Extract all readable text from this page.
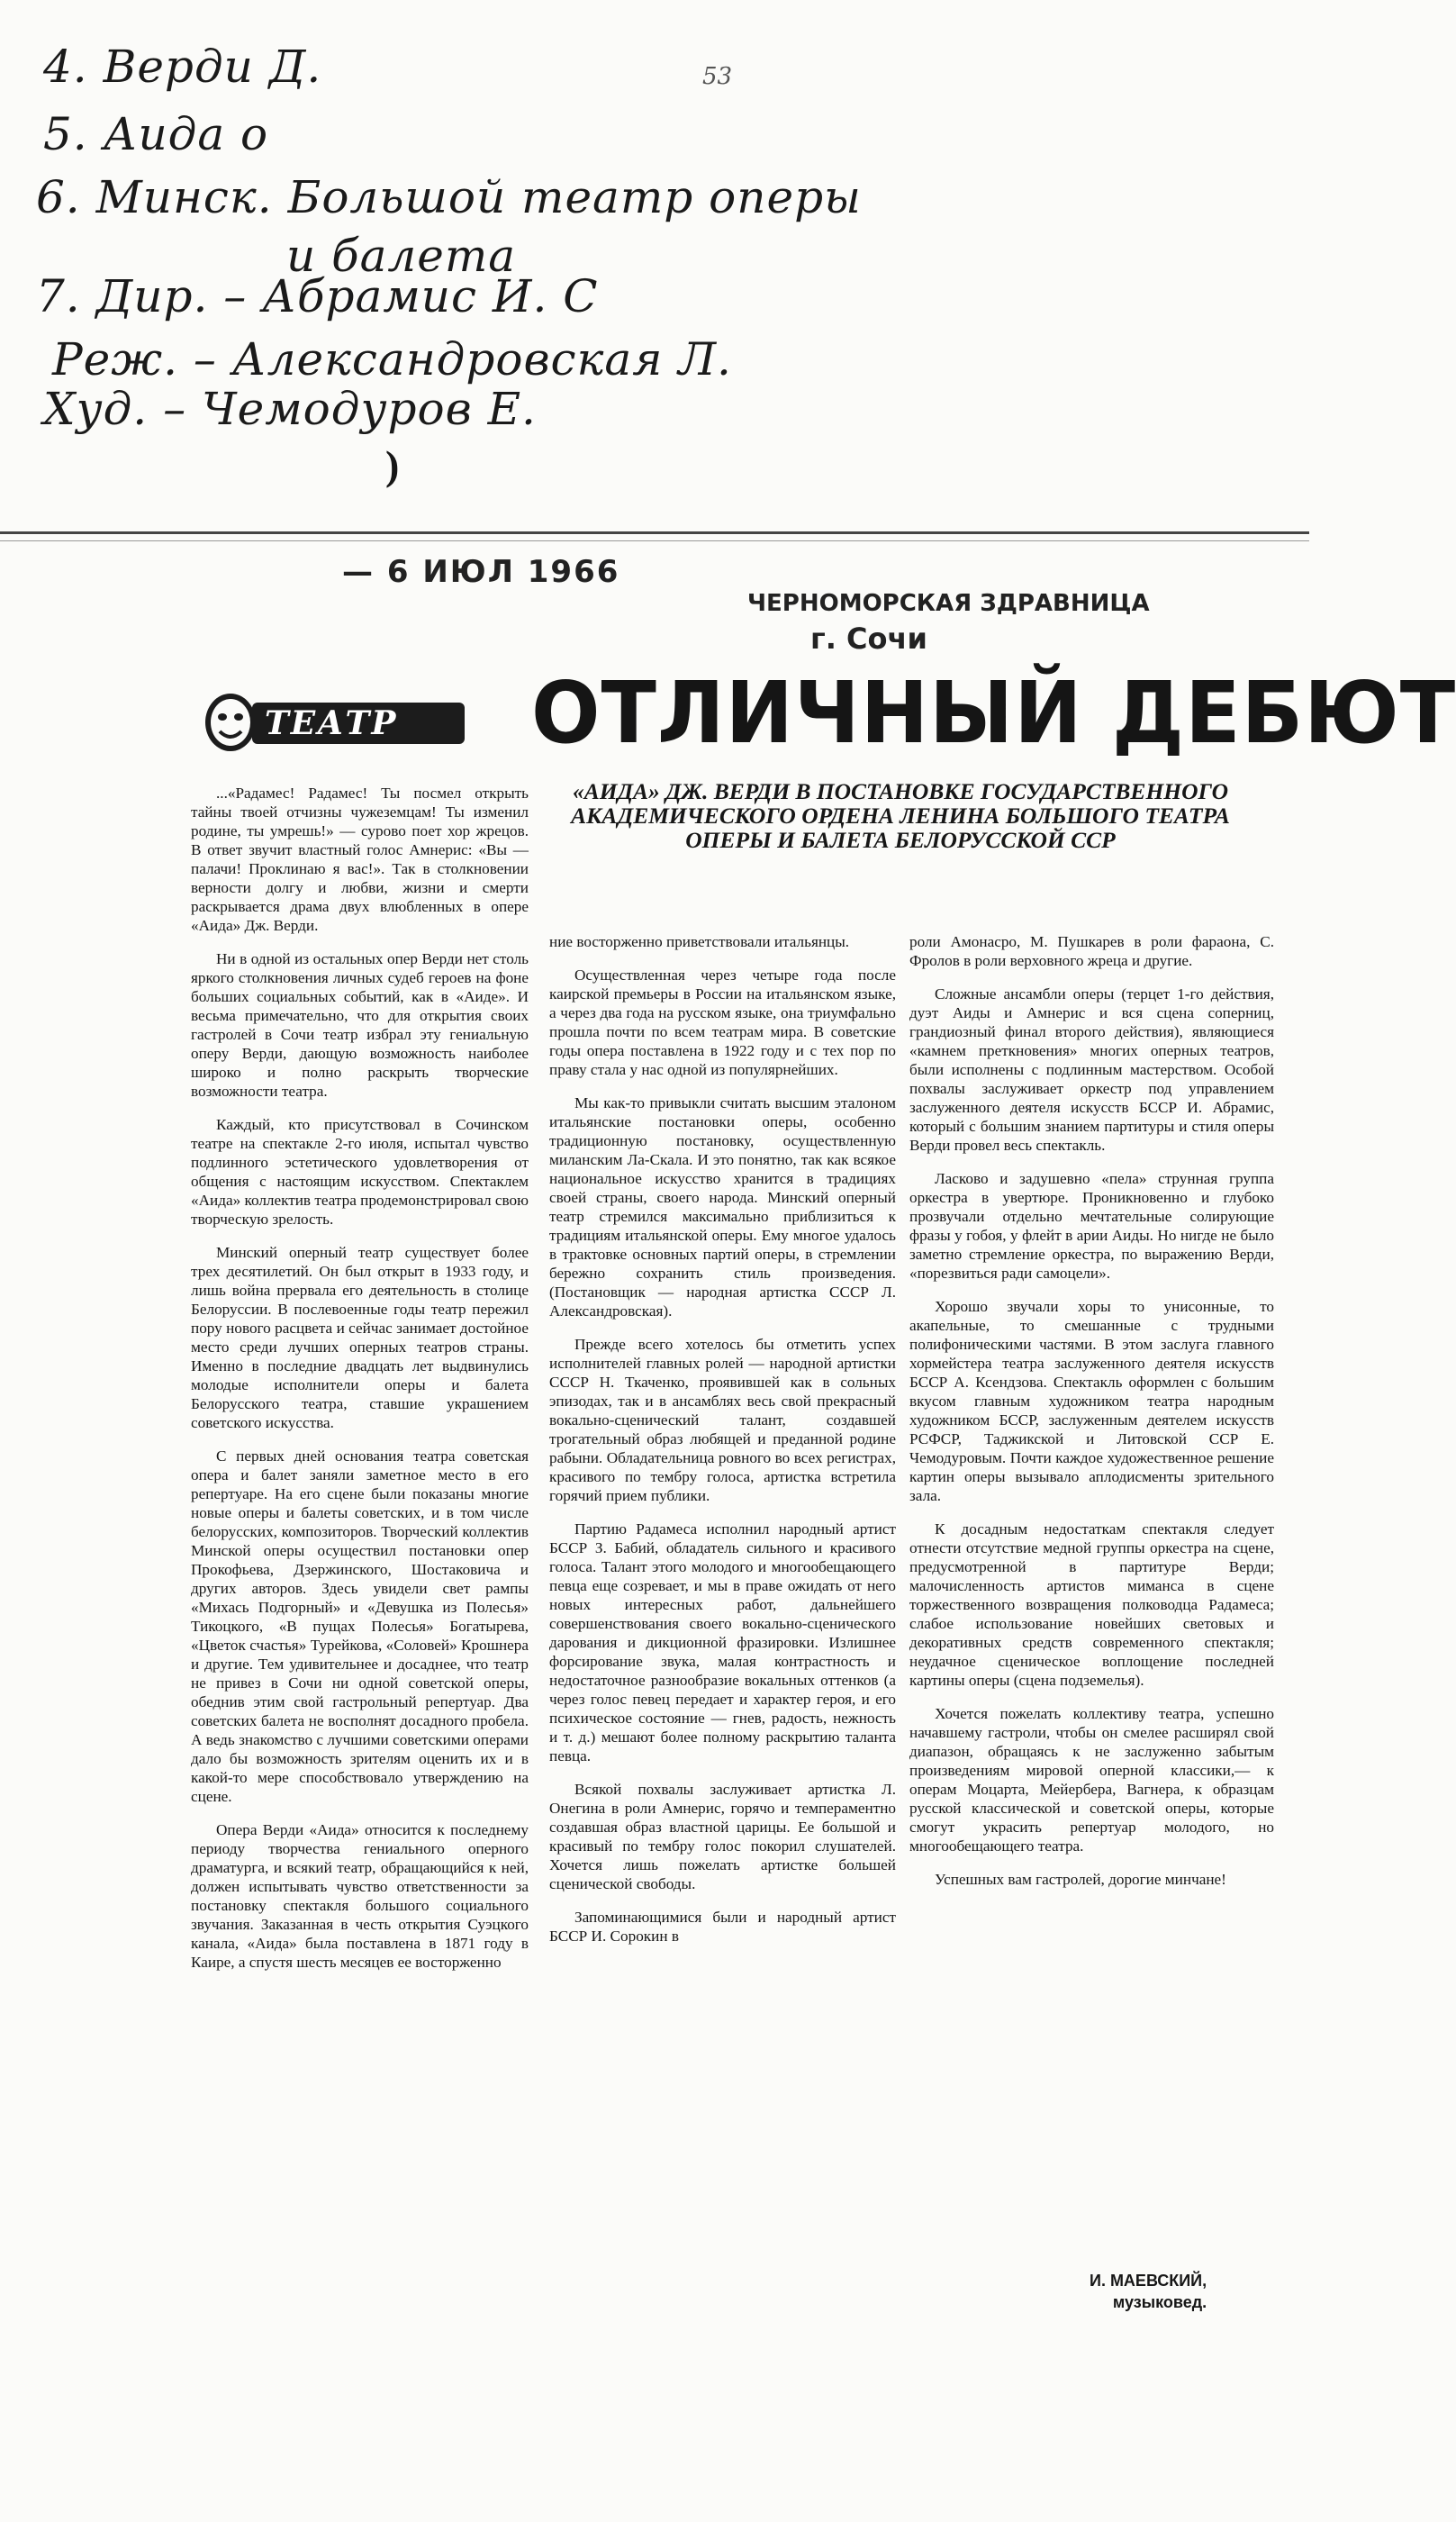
4. Верди Д.	53
5. Аида о
6. Минск. Большой театр оперы
и балета
7. Дир. – Абрамис И. С
Реж. – Александровская Л.
Худ. – Чемодуров Е.
)
— 6 ИЮЛ 1966
ЧЕРНОМОРСКАЯ ЗДРАВНИЦА
г. Сочи
ТЕАТР ОТЛИЧНЫЙ ДЕБЮТ
«АИДА» ДЖ. ВЕРДИ В ПОСТАНОВКЕ ГОСУДАРСТВЕННОГО АКАДЕМИЧЕСКОГО ОРДЕНА ЛЕНИНА БОЛЬШОГО ТЕАТРА ОПЕРЫ И БАЛЕТА БЕЛОРУССКОЙ ССР

...«Радамес! Радамес! Ты посмел открыть тайны твоей отчизны чужеземцам! Ты изменил родине, ты умрешь!» — сурово поет хор жрецов. В ответ звучит властный голос Амнерис: «Вы — палачи! Проклинаю я вас!». Так в столкновении верности долгу и любви, жизни и смерти раскрывается драма двух влюбленных в опере «Аида» Дж. Верди.

Ни в одной из остальных опер Верди нет столь яркого столкновения личных судеб героев на фоне больших социальных событий, как в «Аиде». И весьма примечательно, что для открытия своих гастролей в Сочи театр избрал эту гениальную оперу Верди, дающую возможность наиболее широко и полно раскрыть творческие возможности театра.

Каждый, кто присутствовал в Сочинском театре на спектакле 2-го июля, испытал чувство подлинного эстетического удовлетворения от общения с настоящим искусством. Спектаклем «Аида» коллектив театра продемонстрировал свою творческую зрелость.

Минский оперный театр существует более трех десятилетий. Он был открыт в 1933 году, и лишь война прервала его деятельность в столице Белоруссии. В послевоенные годы театр пережил пору нового расцвета и сейчас занимает достойное место среди лучших оперных театров страны. Именно в последние двадцать лет выдвинулись молодые исполнители оперы и балета Белорусского театра, ставшие украшением советского искусства.

С первых дней основания театра советская опера и балет заняли заметное место в его репертуаре. На его сцене были показаны многие новые оперы и балеты советских, и в том числе белорусских, композиторов. Творческий коллектив Минской оперы осуществил постановки опер Прокофьева, Дзержинского, Шостаковича и других авторов. Здесь увидели свет рампы «Михась Подгорный» и «Девушка из Полесья» Тикоцкого, «В пущах Полесья» Богатырева, «Цветок счастья» Турейкова, «Соловей» Крошнера и другие. Тем удивительнее и досаднее, что театр не привез в Сочи ни одной советской оперы, обеднив этим свой гастрольный репертуар. Два советских балета не восполнят досадного пробела. А ведь знакомство с лучшими советскими операми дало бы возможность зрителям оценить их и в какой-то мере способствовало утверждению на сцене.

Опера Верди «Аида» относится к последнему периоду творчества гениального оперного драматурга, и всякий театр, обращающийся к ней, должен испытывать чувство ответственности за постановку спектакля большого социального звучания. Заказанная в честь открытия Суэцкого канала, «Аида» была поставлена в 1871 году в Каире, а спустя шесть месяцев ее восторженно

ние восторженно приветствовали итальянцы.

Осуществленная через четыре года после каирской премьеры в России на итальянском языке, а через два года на русском языке, она триумфально прошла почти по всем театрам мира. В советские годы опера поставлена в 1922 году и с тех пор по праву стала у нас одной из популярнейших.

Мы как-то привыкли считать высшим эталоном итальянские постановки оперы, особенно традиционную постановку, осуществленную миланским Ла-Скала. И это понятно, так как всякое национальное искусство хранится в традициях своей страны, своего народа. Минский оперный театр стремился максимально приблизиться к традициям итальянской оперы. Ему многое удалось в трактовке основных партий оперы, в стремлении бережно сохранить стиль произведения. (Постановщик — народная артистка СССР Л. Александровская).

Прежде всего хотелось бы отметить успех исполнителей главных ролей — народной артистки СССР Н. Ткаченко, проявившей как в сольных эпизодах, так и в ансамблях весь свой прекрасный вокально-сценический талант, создавшей трогательный образ любящей и преданной родине рабыни. Обладательница ровного во всех регистрах, красивого по тембру голоса, артистка встретила горячий прием публики.

Партию Радамеса исполнил народный артист БССР З. Бабий, обладатель сильного и красивого голоса. Талант этого молодого и многообещающего певца еще созревает, и мы в праве ожидать от него новых интересных работ, дальнейшего совершенствования своего вокально-сценического дарования и дикционной фразировки. Излишнее форсирование звука, малая контрастность и недостаточное разнообразие вокальных оттенков (а через голос певец передает и характер героя, и его психическое состояние — гнев, радость, нежность и т. д.) мешают более полному раскрытию таланта певца.

Всякой похвалы заслуживает артистка Л. Онегина в роли Амнерис, горячо и темпераментно создавшая образ властной царицы. Ее большой и красивый по тембру голос покорил слушателей. Хочется лишь пожелать артистке большей сценической свободы.

Запоминающимися были и народный артист БССР И. Сорокин в

роли Амонасро, М. Пушкарев в роли фараона, С. Фролов в роли верховного жреца и другие.

Сложные ансамбли оперы (терцет 1-го действия, дуэт Аиды и Амнерис и вся сцена соперниц, грандиозный финал второго действия), являющиеся «камнем преткновения» многих оперных театров, были исполнены с подлинным мастерством. Особой похвалы заслуживает оркестр под управлением заслуженного деятеля искусств БССР И. Абрамис, который с большим знанием партитуры и стиля оперы Верди провел весь спектакль.

Ласково и задушевно «пела» струнная группа оркестра в увертюре. Проникновенно и глубоко прозвучали отдельно мечтательные солирующие фразы у гобоя, у флейт в арии Аиды. Но нигде не было заметно стремление оркестра, по выражению Верди, «порезвиться ради самоцели».

Хорошо звучали хоры то унисонные, то акапельные, то смешанные с трудными полифоническими частями. В этом заслуга главного хормейстера театра заслуженного деятеля искусств БССР А. Ксендзова. Спектакль оформлен с большим вкусом главным художником театра народным художником БССР, заслуженным деятелем искусств РСФСР, Таджикской и Литовской ССР Е. Чемодуровым. Почти каждое художественное решение картин оперы вызывало аплодисменты зрительного зала.

К досадным недостаткам спектакля следует отнести отсутствие медной группы оркестра на сцене, предусмотренной в партитуре Верди; малочисленность артистов миманса в сцене торжественного возвращения полководца Радамеса; слабое использование новейших световых и декоративных средств современного спектакля; неудачное сценическое воплощение последней картины оперы (сцена подземелья).

Хочется пожелать коллективу театра, успешно начавшему гастроли, чтобы он смелее расширял свой диапазон, обращаясь к не заслуженно забытым произведениям мировой оперной классики,— к операм Моцарта, Мейербера, Вагнера, к образцам русской классической и советской оперы, которые смогут украсить репертуар молодого, но многообещающего театра.

Успешных вам гастролей, дорогие минчане!

И. МАЕВСКИЙ,
музыковед.
